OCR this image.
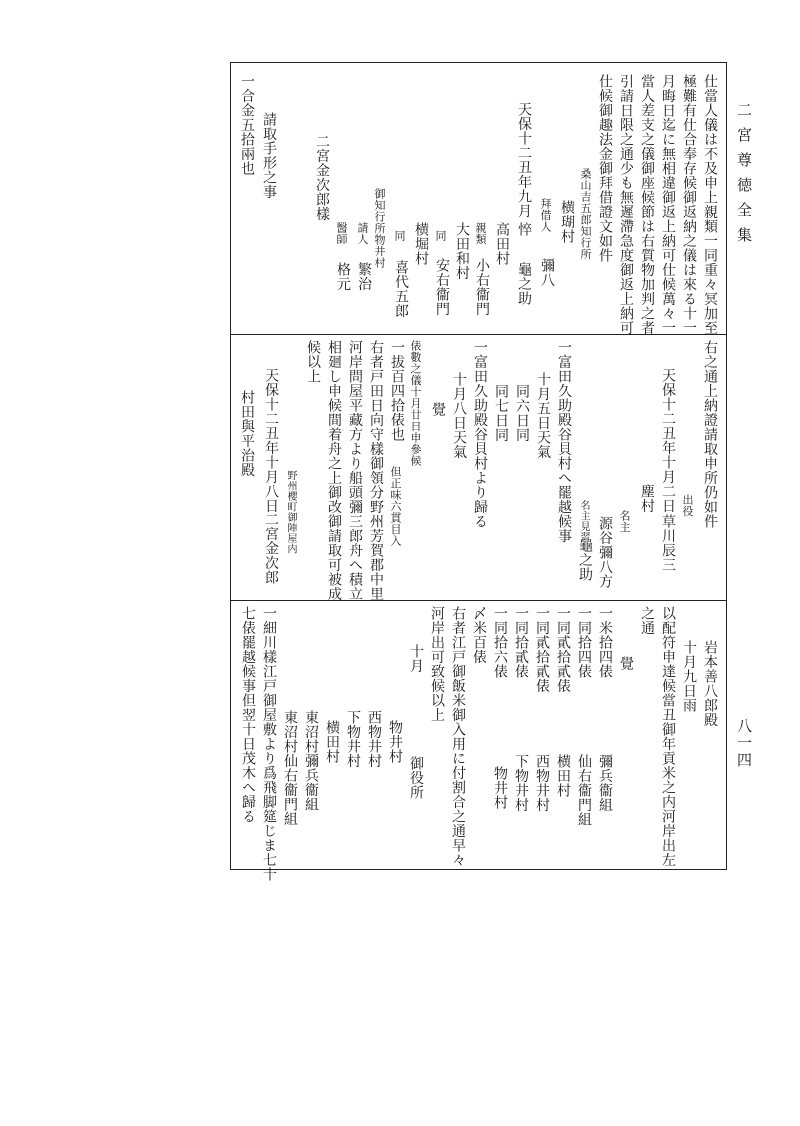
二宮尊徳全集
八一四
仕當人儀は不及申上親類一同重々冥加至
極難有仕合奉存候御返納之儀は來る十一
月晦日迄に無相違御返上納可仕候萬々一
當人差支之儀御座候節は右質物加判之者
引請日限之通少も無遲滯急度御返上納可
仕候御趣法金御拜借證文如件
桑山吉五郎知行所
横瑚村
拜借人
彌八
天保十二丑年九月
悴
龜之助
高田村
親類
小右衞門
大田和村
同
安右衞門
横堀村
同
喜代五郎
御知行所物井村
請人
繁治
醫師
格元
二宮金次郎樣
請取手形之事
一合金五拾兩也
右之通上納證請取申所仍如件
出役
天保十二丑年十月二日
草川辰三
塵村
名主
源谷彌八方
名主見習
龜之助
一富田久助殿谷貝村へ罷越候事
十月五日天氣
同六日同
同七日同
一富田久助殿谷貝村より歸る
十月八日天氣
覺
俵數之儀十月廿日申參候
一拔百四拾俵也
但正味六貫目入
右者戸田日向守樣御領分野州芳賀郡中里
河岸問屋平藏方より船頭彌三郎舟へ積立
相廻し申候間着舟之上御改御請取可被成
候以上
野州櫻町御陣屋内
天保十二丑年十月八日
二宮金次郎
村田與平治殿
岩本善八郎殿
十月九日雨
以配符申達候當丑御年貢米之内河岸出左
之通
覺
一米拾四俵
彌兵衞組
一同拾四俵
仙右衞門組
一同貳拾貳俵
横田村
一同貳拾貳俵
西物井村
一同拾貳俵
下物井村
一同拾六俵
物井村
〆米百俵
右者江戸御飯米御入用に付割合之通早々
河岸出可致候以上
十月
御役所
物井村
西物井村
下物井村
横田村
東沼村彌兵衞組
東沼村仙右衞門組
一細川樣江戸御屋敷より爲飛脚筵じま七十
七俵罷越候事但翌十日茂木へ歸る
